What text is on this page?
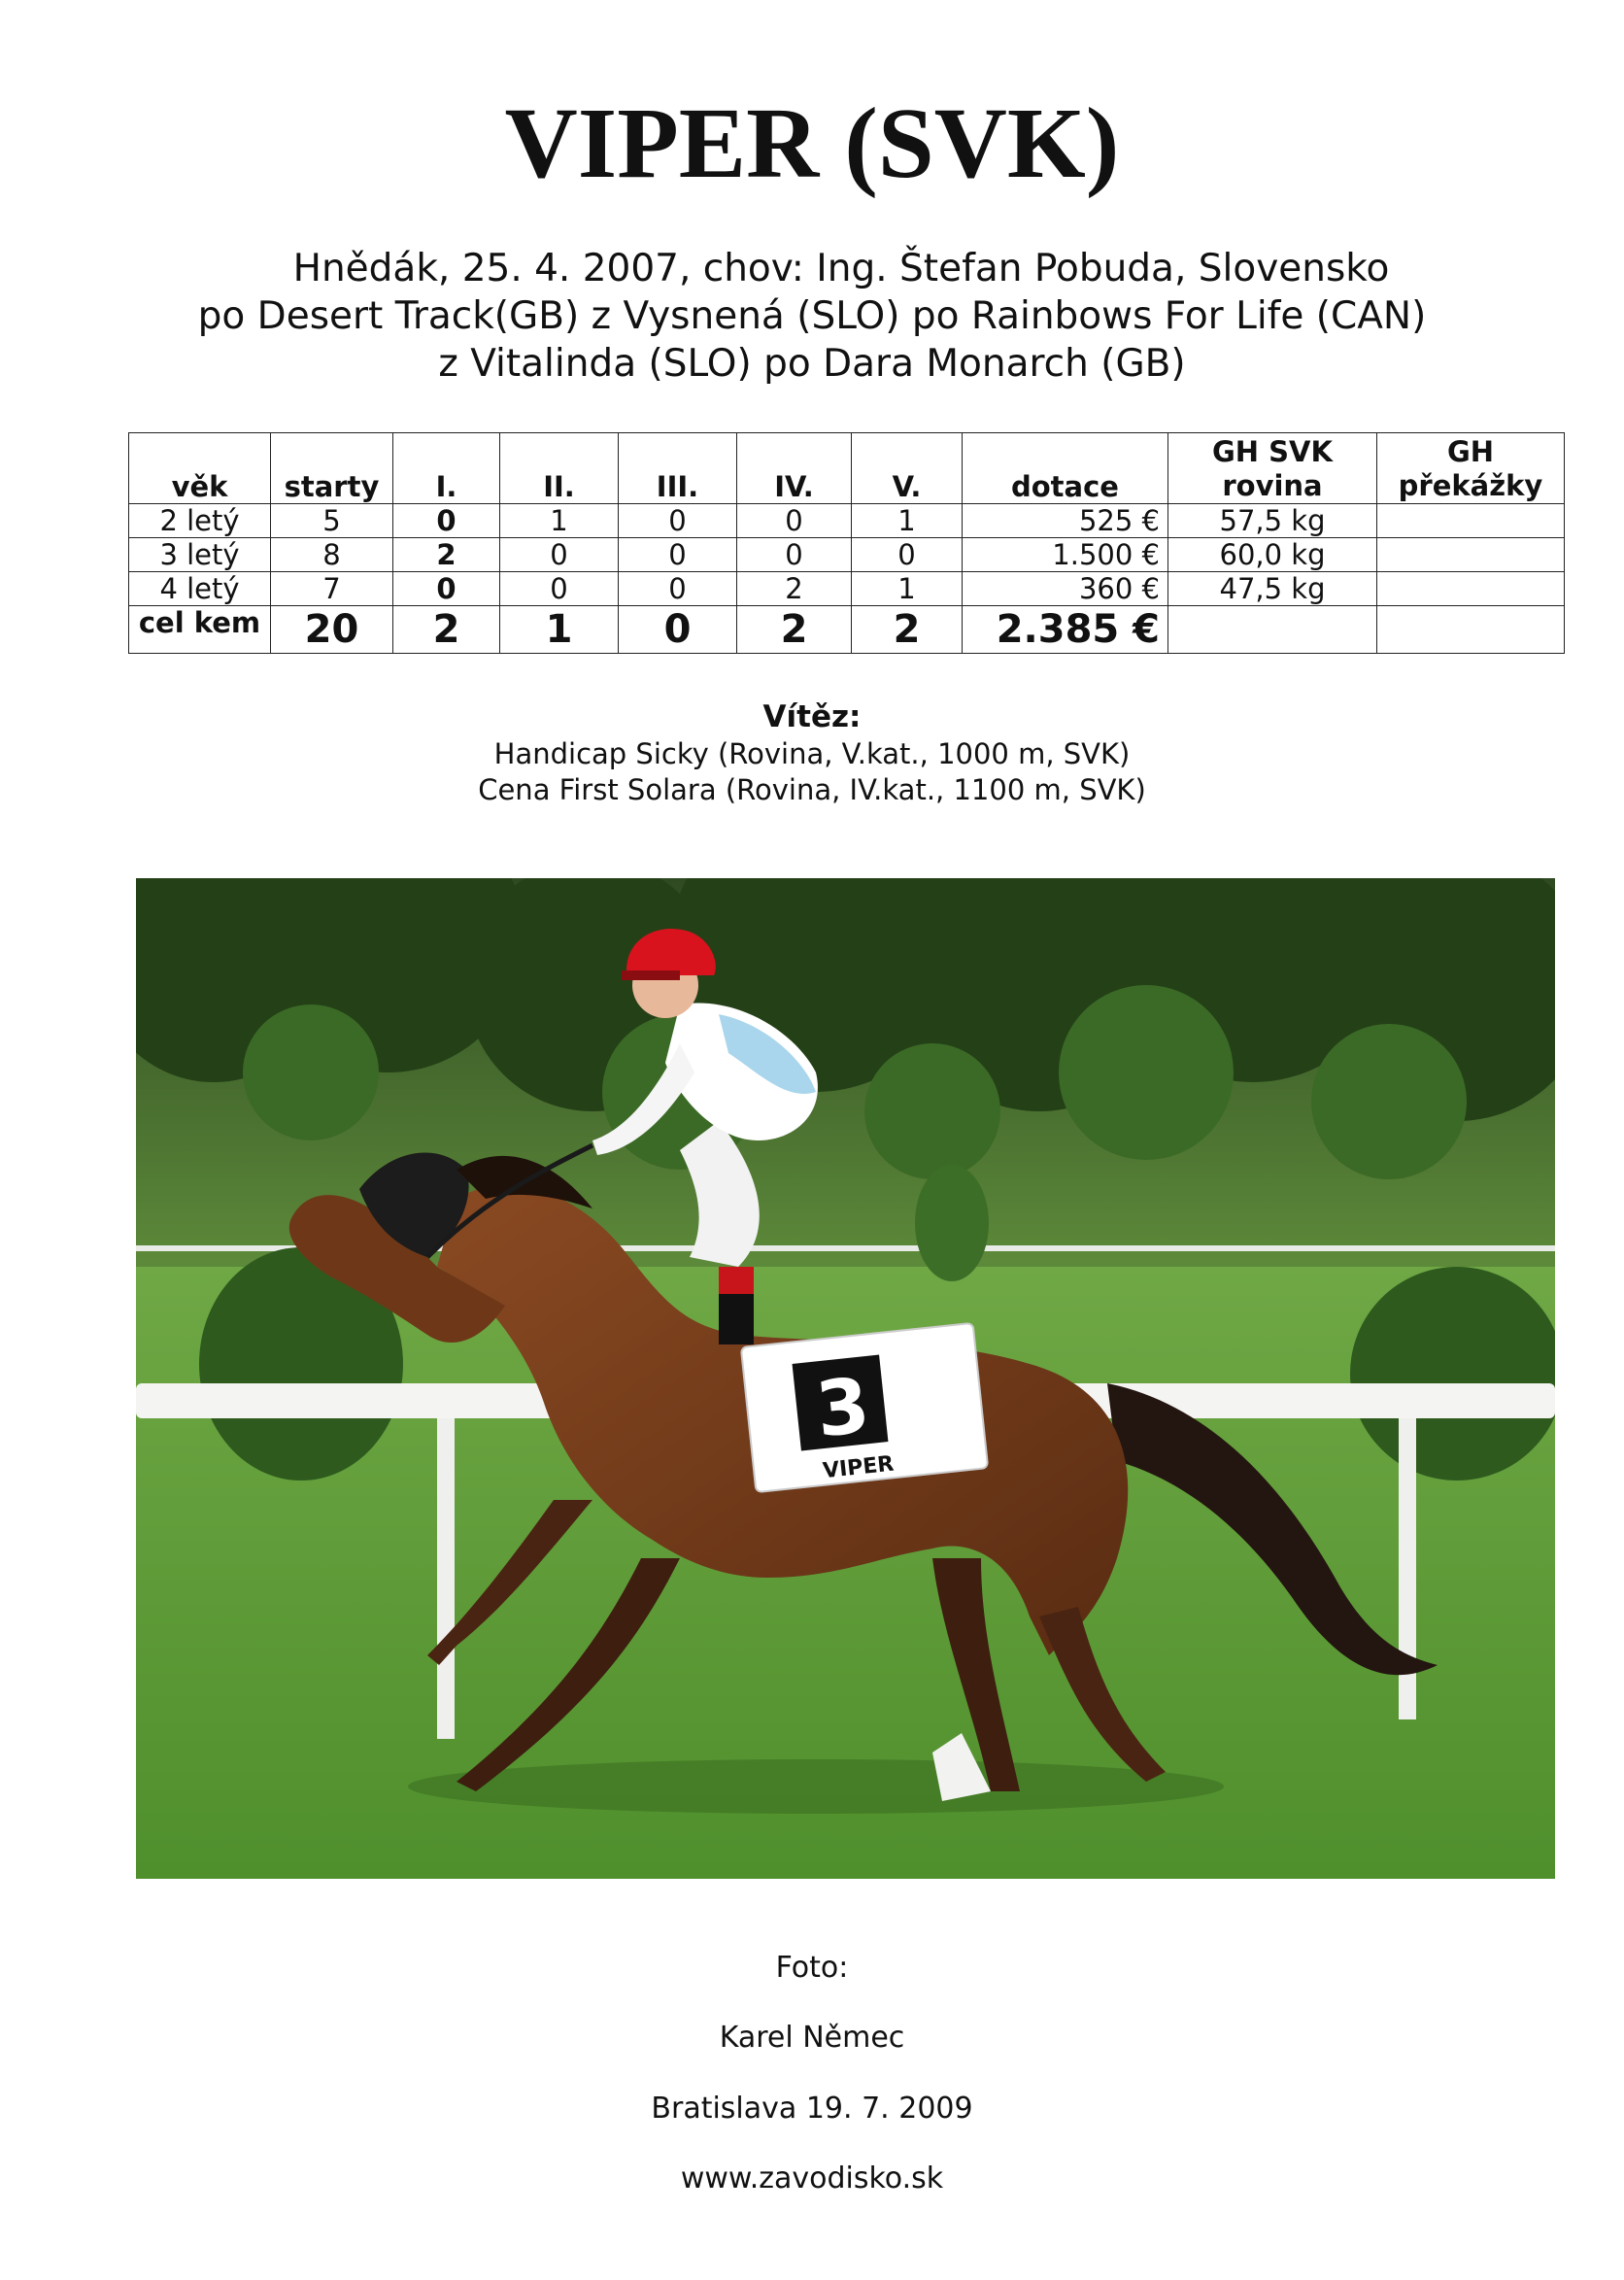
VIPER (SVK)
Hnědák, 25. 4. 2007, chov: Ing. Štefan Pobuda, Slovensko
po Desert Track(GB) z Vysnená (SLO) po Rainbows For Life (CAN)
z Vitalinda (SLO) po Dara Monarch (GB)
věk	starty	I.	II.	III.	IV.	V.	dotace	GH SVK rovina	GH překážky
2 letý	5	0	1	0	0	1	525 €	57,5 kg	
3 letý	8	2	0	0	0	0	1.500 €	60,0 kg	
4 letý	7	0	0	0	2	1	360 €	47,5 kg	
cel kem	20	2	1	0	2	2	2.385 €		
Vítěz:
Handicap Sicky (Rovina, V.kat., 1000 m, SVK)
Cena First Solara (Rovina, IV.kat., 1100 m, SVK)
3
VIPER
Foto:
Karel Němec
Bratislava 19. 7. 2009
www.zavodisko.sk
